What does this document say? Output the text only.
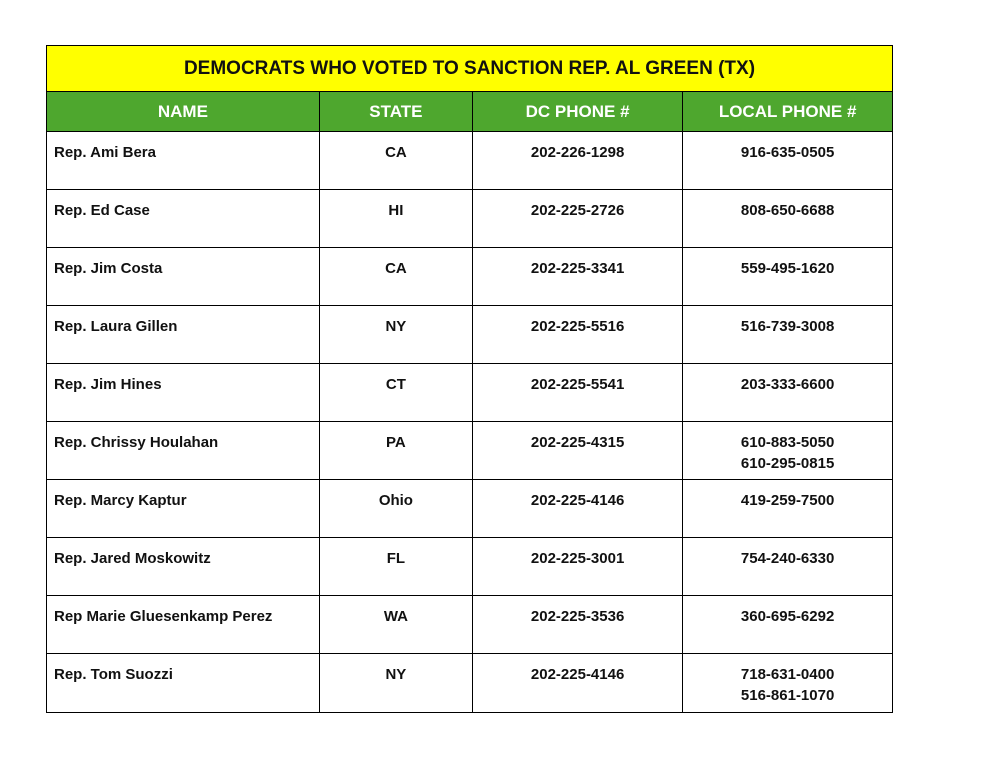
DEMOCRATS WHO VOTED TO SANCTION REP. AL GREEN (TX)
NAME	STATE	DC PHONE #	LOCAL PHONE #
Rep. Ami Bera	CA	202-226-1298	916-635-0505

Rep. Ed Case	HI	202-225-2726	808-650-6688

Rep. Jim Costa	CA	202-225-3341	559-495-1620

Rep. Laura Gillen	NY	202-225-5516	516-739-3008

Rep. Jim Hines	CT	202-225-5541	203-333-6600

Rep. Chrissy Houlahan	PA	202-225-4315	610-883-5050
610-295-0815

Rep. Marcy Kaptur	Ohio	202-225-4146	419-259-7500

Rep. Jared Moskowitz	FL	202-225-3001	754-240-6330

Rep Marie Gluesenkamp Perez	WA	202-225-3536	360-695-6292

Rep. Tom Suozzi	NY	202-225-4146	718-631-0400
516-861-1070
